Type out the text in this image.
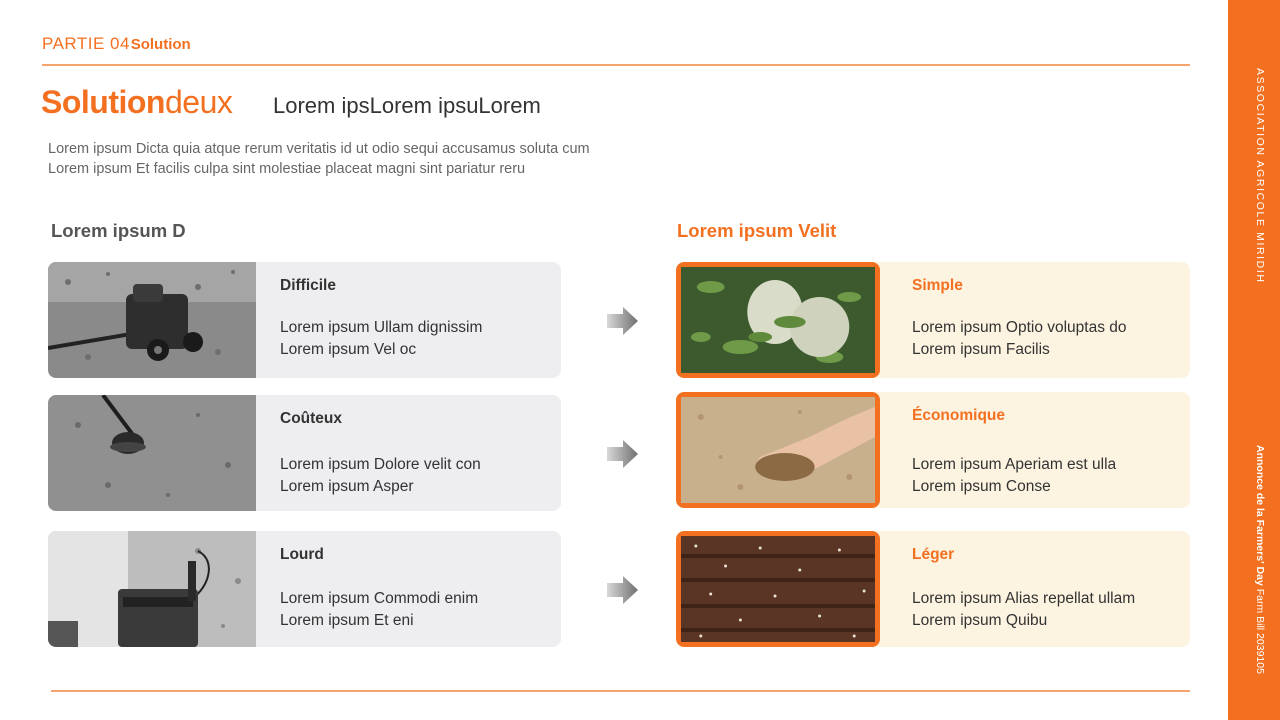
PARTIE 04 Solution
Solutiondeux Lorem ipsLorem ipsuLorem
Lorem ipsum Dicta quia atque rerum veritatis id ut odio sequi accusamus soluta cum
Lorem ipsum Et facilis culpa sint molestiae placeat magni sint pariatur reru
Lorem ipsum D	Lorem ipsum Velit
Difficile
Lorem ipsum Ullam dignissim
Lorem ipsum Vel oc
Coûteux
Lorem ipsum Dolore velit con
Lorem ipsum Asper
Lourd
Lorem ipsum Commodi enim
Lorem ipsum Et eni
Simple
Lorem ipsum Optio voluptas do
Lorem ipsum Facilis
Économique
Lorem ipsum Aperiam est ulla
Lorem ipsum Conse
Léger
Lorem ipsum Alias repellat ullam
Lorem ipsum Quibu
ASSOCIATION AGRICOLE MIRIDIH
Annonce de la Farmers' Day Farm Bill 2039105
